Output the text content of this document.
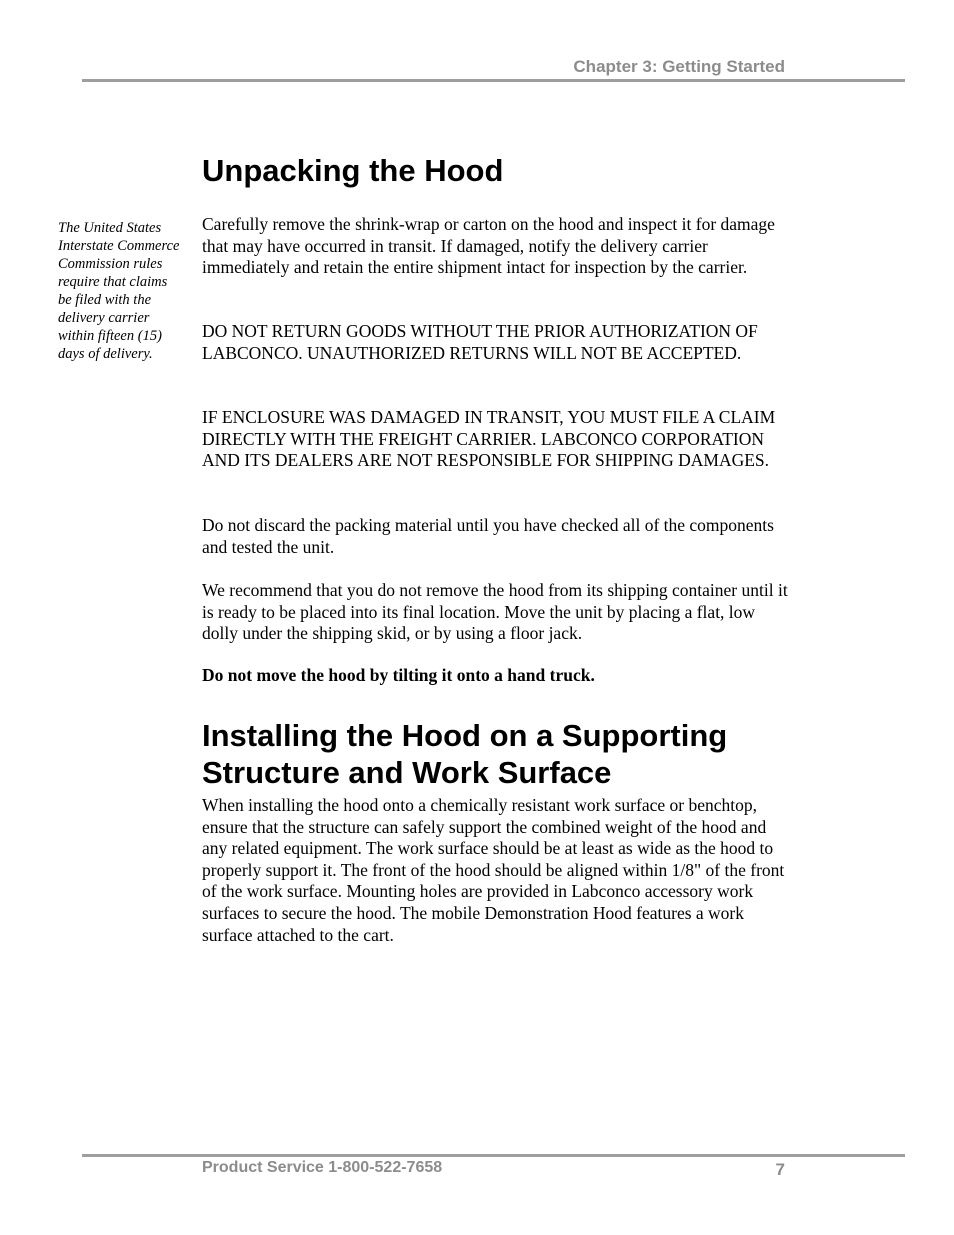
Chapter 3: Getting Started
Unpacking the Hood
The United States Interstate Commerce Commission rules require that claims be filed with the delivery carrier within fifteen (15) days of delivery.

Carefully remove the shrink-wrap or carton on the hood and inspect it for damage that may have occurred in transit. If damaged, notify the delivery carrier immediately and retain the entire shipment intact for inspection by the carrier.

DO NOT RETURN GOODS WITHOUT THE PRIOR AUTHORIZATION OF LABCONCO. UNAUTHORIZED RETURNS WILL NOT BE ACCEPTED.

IF ENCLOSURE WAS DAMAGED IN TRANSIT, YOU MUST FILE A CLAIM DIRECTLY WITH THE FREIGHT CARRIER. LABCONCO CORPORATION AND ITS DEALERS ARE NOT RESPONSIBLE FOR SHIPPING DAMAGES.

Do not discard the packing material until you have checked all of the components and tested the unit.

We recommend that you do not remove the hood from its shipping container until it is ready to be placed into its final location. Move the unit by placing a flat, low dolly under the shipping skid, or by using a floor jack.

Do not move the hood by tilting it onto a hand truck.

Installing the Hood on a Supporting Structure and Work Surface

When installing the hood onto a chemically resistant work surface or benchtop, ensure that the structure can safely support the combined weight of the hood and any related equipment. The work surface should be at least as wide as the hood to properly support it. The front of the hood should be aligned within 1/8" of the front of the work surface. Mounting holes are provided in Labconco accessory work surfaces to secure the hood. The mobile Demonstration Hood features a work surface attached to the cart.

Product Service 1-800-522-7658	7
